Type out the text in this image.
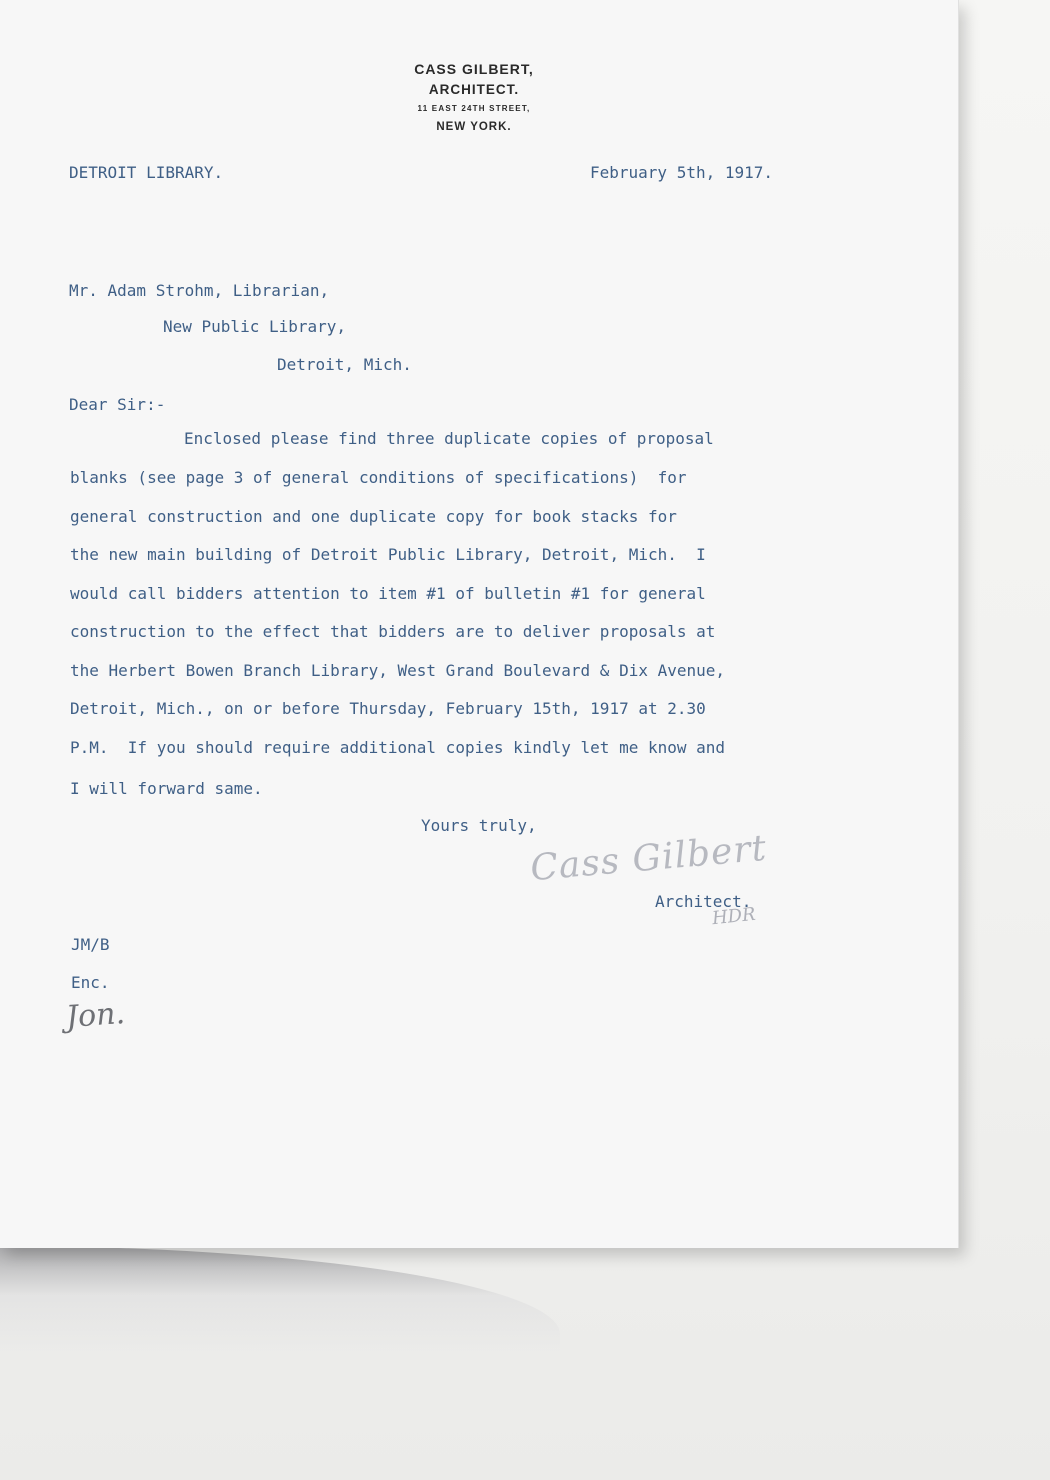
CASS GILBERT,
ARCHITECT.
11 EAST 24TH STREET,
NEW YORK.
DETROIT LIBRARY.	February 5th, 1917.
Mr. Adam Strohm, Librarian,
New Public Library,
Detroit, Mich.
Dear Sir:-
Enclosed please find three duplicate copies of proposal
blanks (see page 3 of general conditions of specifications)  for
general construction and one duplicate copy for book stacks for
the new main building of Detroit Public Library, Detroit, Mich.  I
would call bidders attention to item #1 of bulletin #1 for general
construction to the effect that bidders are to deliver proposals at
the Herbert Bowen Branch Library, West Grand Boulevard & Dix Avenue,
Detroit, Mich., on or before Thursday, February 15th, 1917 at 2.30
P.M.  If you should require additional copies kindly let me know and
I will forward same.
Yours truly,
Cass Gilbert
Architect.
HDR
JM/B
Enc.
Jon.
